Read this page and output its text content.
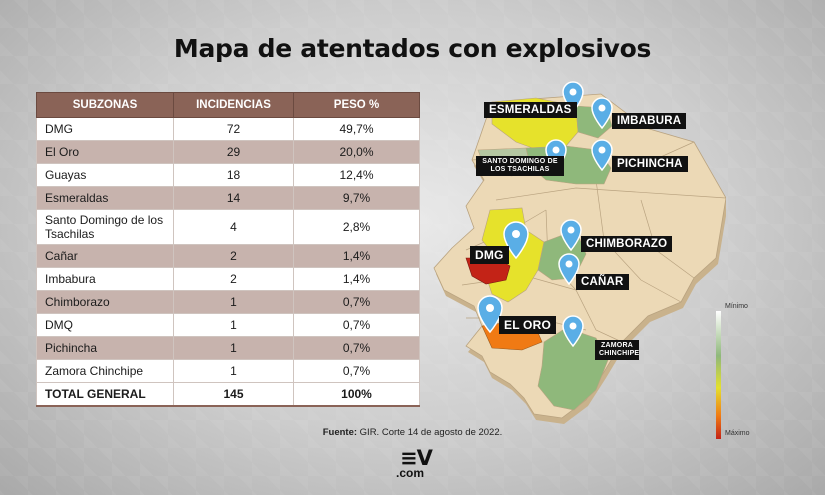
Mapa de atentados con explosivos
SUBZONAS	INCIDENCIAS	PESO %
DMG	72	49,7%
El Oro	29	20,0%
Guayas	18	12,4%
Esmeraldas	14	9,7%
Santo Domingo de los Tsachilas	4	2,8%
Cañar	2	1,4%
Imbabura	2	1,4%
Chimborazo	1	0,7%
DMQ	1	0,7%
Pichincha	1	0,7%
Zamora Chinchipe	1	0,7%
TOTAL GENERAL	145	100%
ESMERALDAS
IMBABURA
SANTO DOMINGO DE LOS TSACHILAS	PICHINCHA
DMG
CHIMBORAZO
CAÑAR
EL ORO
ZAMORA CHINCHIPE
Mínimo
Máximo
Fuente: GIR. Corte 14 de agosto de 2022.
≡V
.com
